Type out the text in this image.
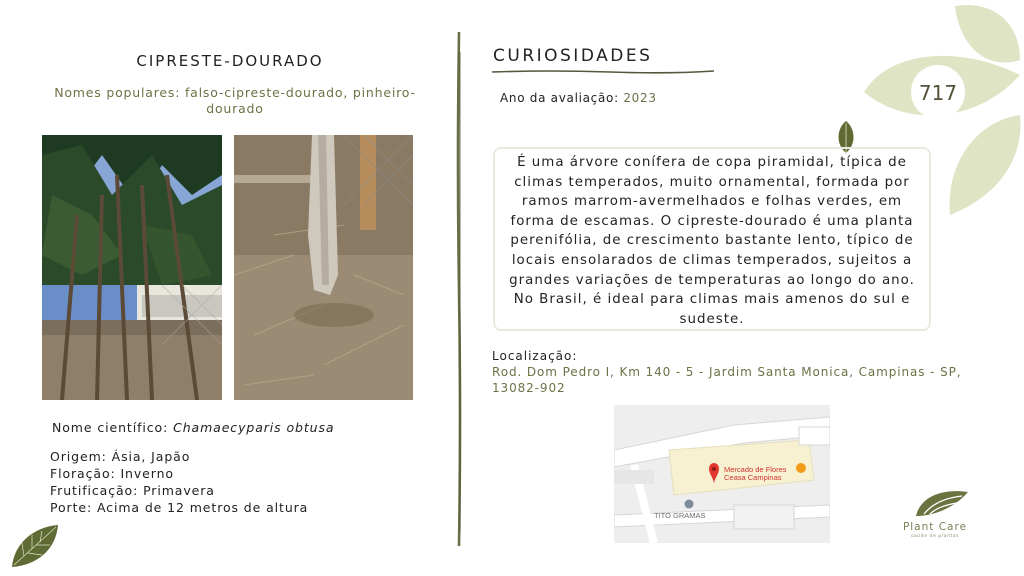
CIPRESTE-DOURADO
Nomes populares: falso-cipreste-dourado, pinheiro-dourado
Nome científico: Chamaecyparis obtusa
Origem: Ásia, Japão
Floração: Inverno
Frutificação: Primavera
Porte: Acima de 12 metros de altura
CURIOSIDADES
Ano da avaliação: 2023
É uma árvore conífera de copa piramidal, típica de climas temperados, muito ornamental, formada por ramos marrom-avermelhados e folhas verdes, em forma de escamas. O cipreste-dourado é uma planta perenifólia, de crescimento bastante lento, típico de locais ensolarados de climas temperados, sujeitos a grandes variações de temperaturas ao longo do ano. No Brasil, é ideal para climas mais amenos do sul e sudeste.
Localização:
Rod. Dom Pedro I, Km 140 - 5 - Jardim Santa Monica, Campinas - SP, 13082-902
Mercado de Flores
Ceasa Campinas
TITO GRAMAS
717
Plant Care
saúde de plantas
